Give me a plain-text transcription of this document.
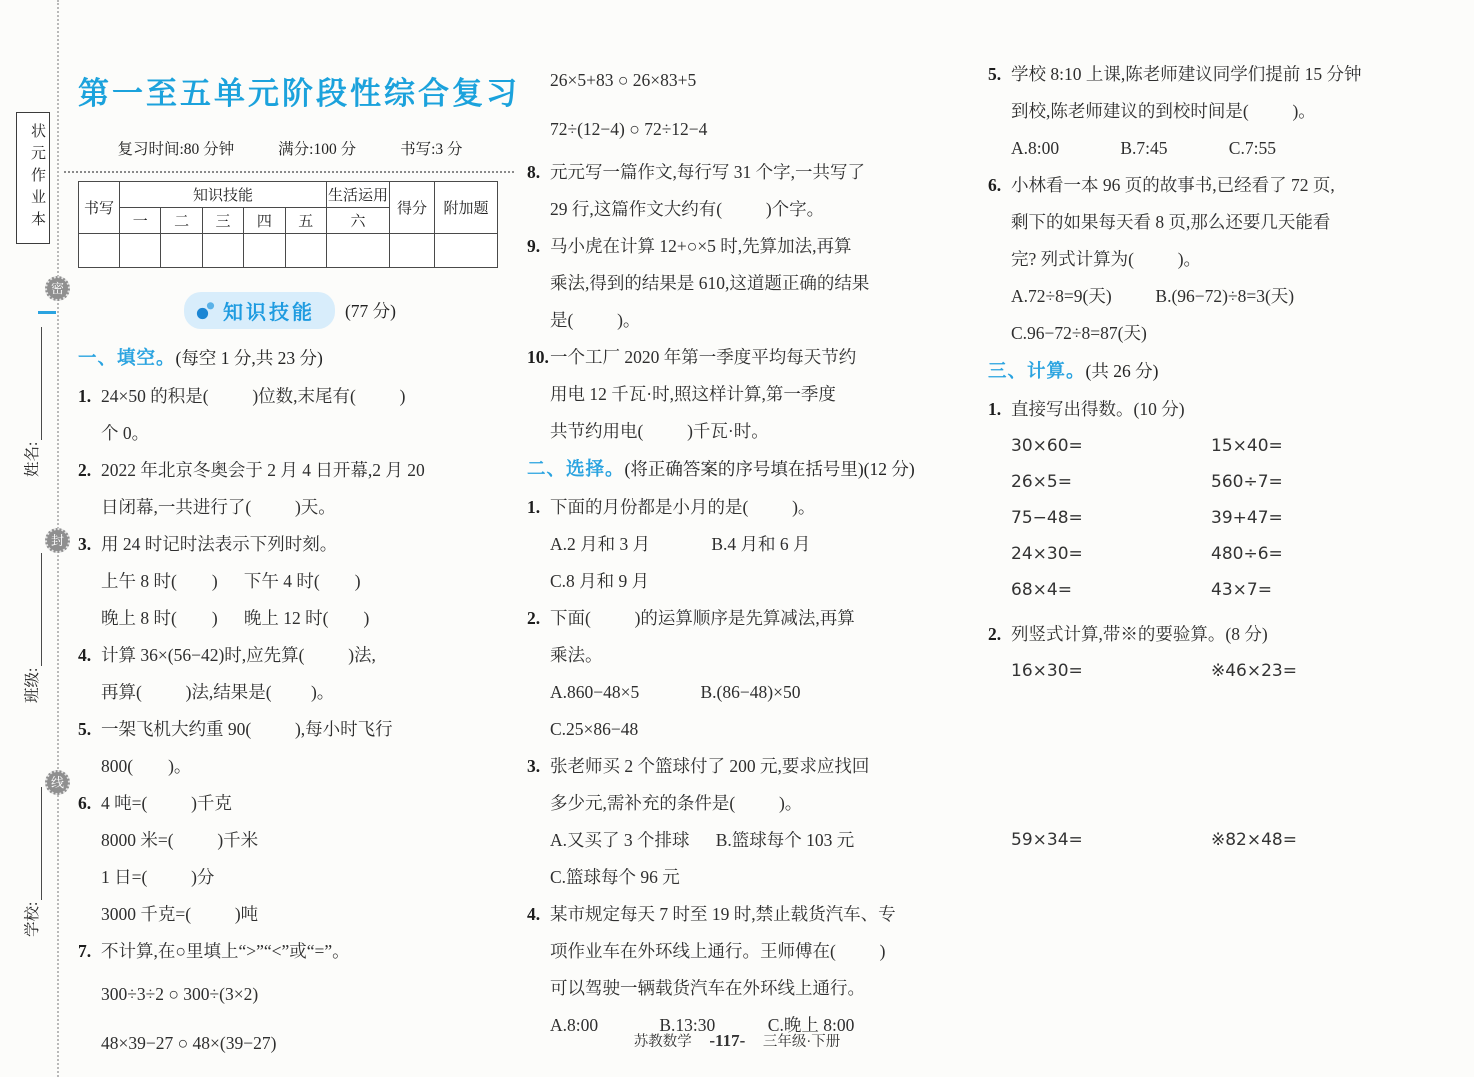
状元作业本
密
封
线
姓名:
班级:
学校:
第一至五单元阶段性综合复习
复习时间:80 分钟	满分:100 分	书写:3 分
书写	知识技能					生活运用	得分	附加题
	一	二	三	四	五	六		

知识技能 (77 分)
一、填空。(每空 1 分,共 23 分)
1. 24×50 的积是(          )位数,末尾有(          )
个 0。
2. 2022 年北京冬奥会于 2 月 4 日开幕,2 月 20
日闭幕,一共进行了(          )天。
3. 用 24 时记时法表示下列时刻。
上午 8 时(        )      下午 4 时(        )
晚上 8 时(        )      晚上 12 时(        )
4. 计算 36×(56−42)时,应先算(          )法,
再算(          )法,结果是(         )。
5. 一架飞机大约重 90(          ),每小时飞行
800(        )。
6. 4 吨=(          )千克
8000 米=(          )千米
1 日=(          )分
3000 千克=(          )吨
7. 不计算,在○里填上“>”“<”或“=”。
300÷3÷2 ○ 300÷(3×2)
48×39−27 ○ 48×(39−27)
26×5+83 ○ 26×83+5
72÷(12−4) ○ 72÷12−4
8. 元元写一篇作文,每行写 31 个字,一共写了
29 行,这篇作文大约有(          )个字。
9. 马小虎在计算 12+○×5 时,先算加法,再算
乘法,得到的结果是 610,这道题正确的结果
是(          )。
10. 一个工厂 2020 年第一季度平均每天节约
用电 12 千瓦·时,照这样计算,第一季度
共节约用电(          )千瓦·时。
二、选择。(将正确答案的序号填在括号里)(12 分)
1. 下面的月份都是小月的是(          )。
A.2 月和 3 月              B.4 月和 6 月
C.8 月和 9 月
2. 下面(          )的运算顺序是先算减法,再算
乘法。
A.860−48×5              B.(86−48)×50
C.25×86−48
3. 张老师买 2 个篮球付了 200 元,要求应找回
多少元,需补充的条件是(          )。
A.又买了 3 个排球      B.篮球每个 103 元
C.篮球每个 96 元
4. 某市规定每天 7 时至 19 时,禁止载货汽车、专
项作业车在外环线上通行。王师傅在(          )
可以驾驶一辆载货汽车在外环线上通行。
A.8:00              B.13:30            C.晚上 8:00
5. 学校 8:10 上课,陈老师建议同学们提前 15 分钟
到校,陈老师建议的到校时间是(          )。
A.8:00              B.7:45              C.7:55
6. 小林看一本 96 页的故事书,已经看了 72 页,
剩下的如果每天看 8 页,那么还要几天能看
完? 列式计算为(          )。
A.72÷8=9(天)          B.(96−72)÷8=3(天)
C.96−72÷8=87(天)
三、计算。(共 26 分)
1. 直接写出得数。(10 分)
30×60=	15×40=
26×5=	560÷7=
75−48=	39+47=
24×30=	480÷6=
68×4=	43×7=
2. 列竖式计算,带※的要验算。(8 分)
16×30=	※46×23=
59×34=	※82×48=
苏教数学 -117- 三年级·下册
